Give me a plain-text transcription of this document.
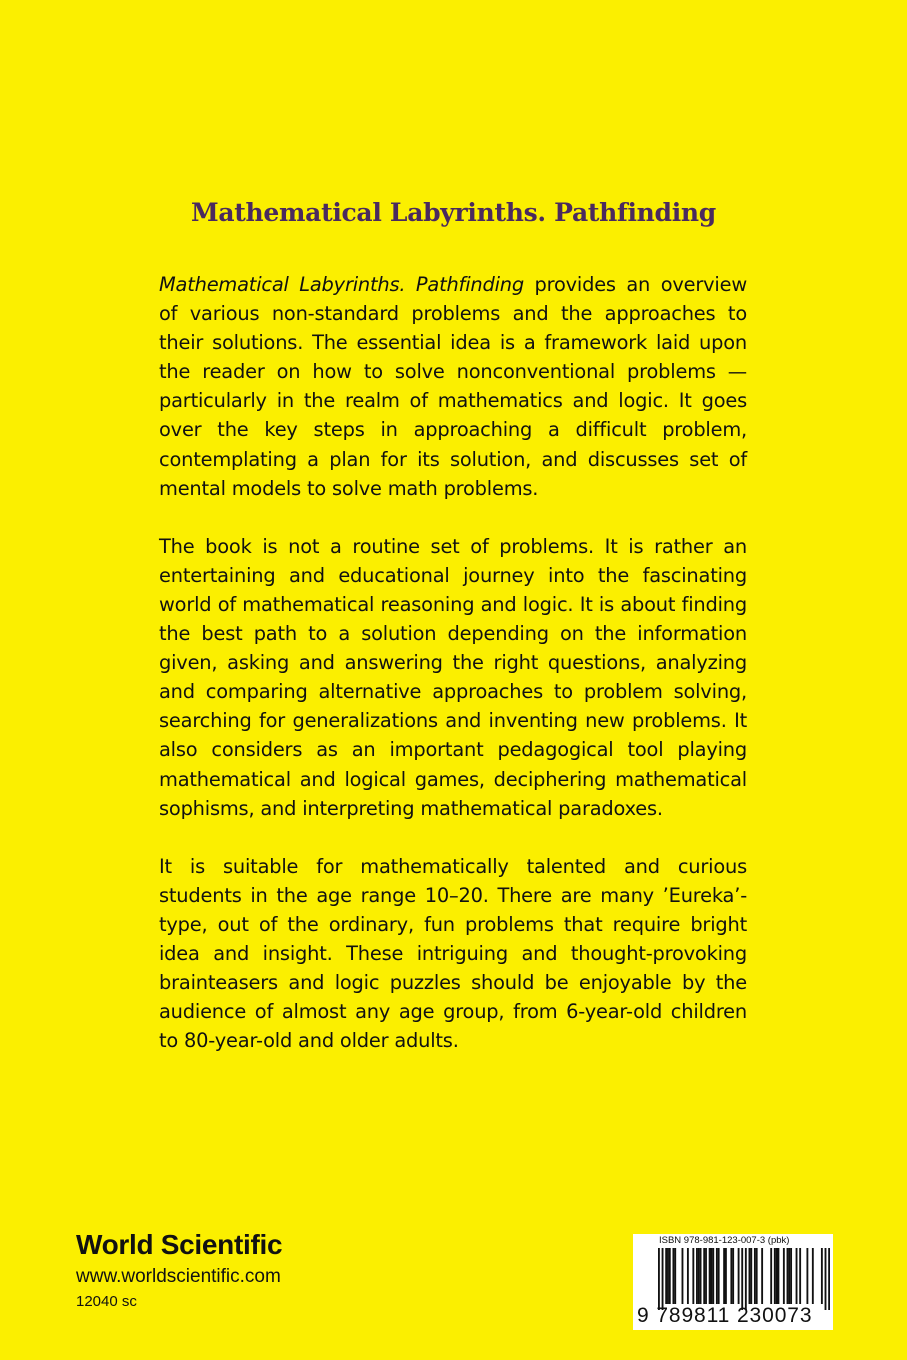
Mathematical Labyrinths. Pathfinding

Mathematical Labyrinths. Pathfinding provides an overview of various non-standard problems and the approaches to their solutions. The essential idea is a framework laid upon the reader on how to solve nonconventional problems — particularly in the realm of mathematics and logic. It goes over the key steps in approaching a difficult problem, contemplating a plan for its solution, and discusses set of mental models to solve math problems.

The book is not a routine set of problems. It is rather an entertaining and educational journey into the fascinating world of mathematical reasoning and logic. It is about finding the best path to a solution depending on the information given, asking and answering the right questions, analyzing and comparing alternative approaches to problem solving, searching for generalizations and inventing new problems. It also considers as an important pedagogical tool playing mathematical and logical games, deciphering mathematical sophisms, and interpreting mathematical paradoxes.

It is suitable for mathematically talented and curious students in the age range 10–20. There are many ’Eureka’-type, out of the ordinary, fun problems that require bright idea and insight. These intriguing and thought-provoking brainteasers and logic puzzles should be enjoyable by the audience of almost any age group, from 6-year-old children to 80-year-old and older adults.

World Scientific
www.worldscientific.com
12040 sc
ISBN 978-981-123-007-3 (pbk)
9 789811 230073
